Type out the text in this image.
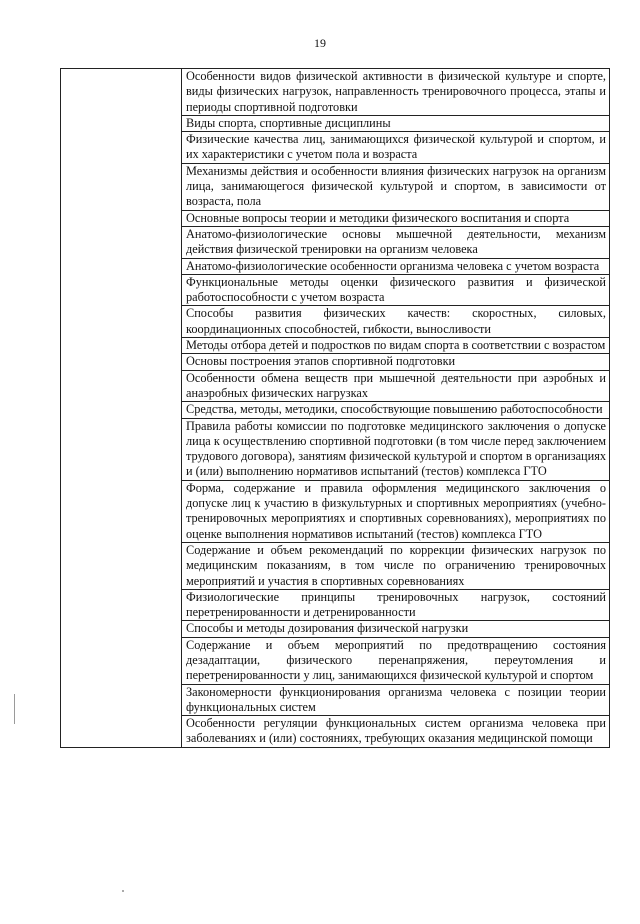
19
	Особенности видов физической активности в физической культуре и спорте, виды физических нагрузок, направленность тренировочного процесса, этапы и периоды спортивной подготовки
Виды спорта, спортивные дисциплины
Физические качества лиц, занимающихся физической культурой и спортом, и их характеристики с учетом пола и возраста
Механизмы действия и особенности влияния физических нагрузок на организм лица, занимающегося физической культурой и спортом, в зависимости от возраста, пола
Основные вопросы теории и методики физического воспитания и спорта
Анатомо-физиологические основы мышечной деятельности, механизм действия физической тренировки на организм человека
Анатомо-физиологические особенности организма человека с учетом возраста
Функциональные методы оценки физического развития и физической работоспособности с учетом возраста
Способы развития физических качеств: скоростных, силовых, координационных способностей, гибкости, выносливости
Методы отбора детей и подростков по видам спорта в соответствии с возрастом
Основы построения этапов спортивной подготовки
Особенности обмена веществ при мышечной деятельности при аэробных и анаэробных физических нагрузках
Средства, методы, методики, способствующие повышению работоспособности
Правила работы комиссии по подготовке медицинского заключения о допуске лица к осуществлению спортивной подготовки (в том числе перед заключением трудового договора), занятиям физической культурой и спортом в организациях и (или) выполнению нормативов испытаний (тестов) комплекса ГТО
Форма, содержание и правила оформления медицинского заключения о допуске лиц к участию в физкультурных и спортивных мероприятиях (учебно-тренировочных мероприятиях и спортивных соревнованиях), мероприятиях по оценке выполнения нормативов испытаний (тестов) комплекса ГТО
Содержание и объем рекомендаций по коррекции физических нагрузок по медицинским показаниям, в том числе по ограничению тренировочных мероприятий и участия в спортивных соревнованиях
Физиологические принципы тренировочных нагрузок, состояний перетренированности и детренированности
Способы и методы дозирования физической нагрузки
Содержание и объем мероприятий по предотвращению состояния дезадаптации, физического перенапряжения, переутомления и перетренированности у лиц, занимающихся физической культурой и спортом
Закономерности функционирования организма человека с позиции теории функциональных систем
Особенности регуляции функциональных систем организма человека при заболеваниях и (или) состояниях, требующих оказания медицинской помощи
